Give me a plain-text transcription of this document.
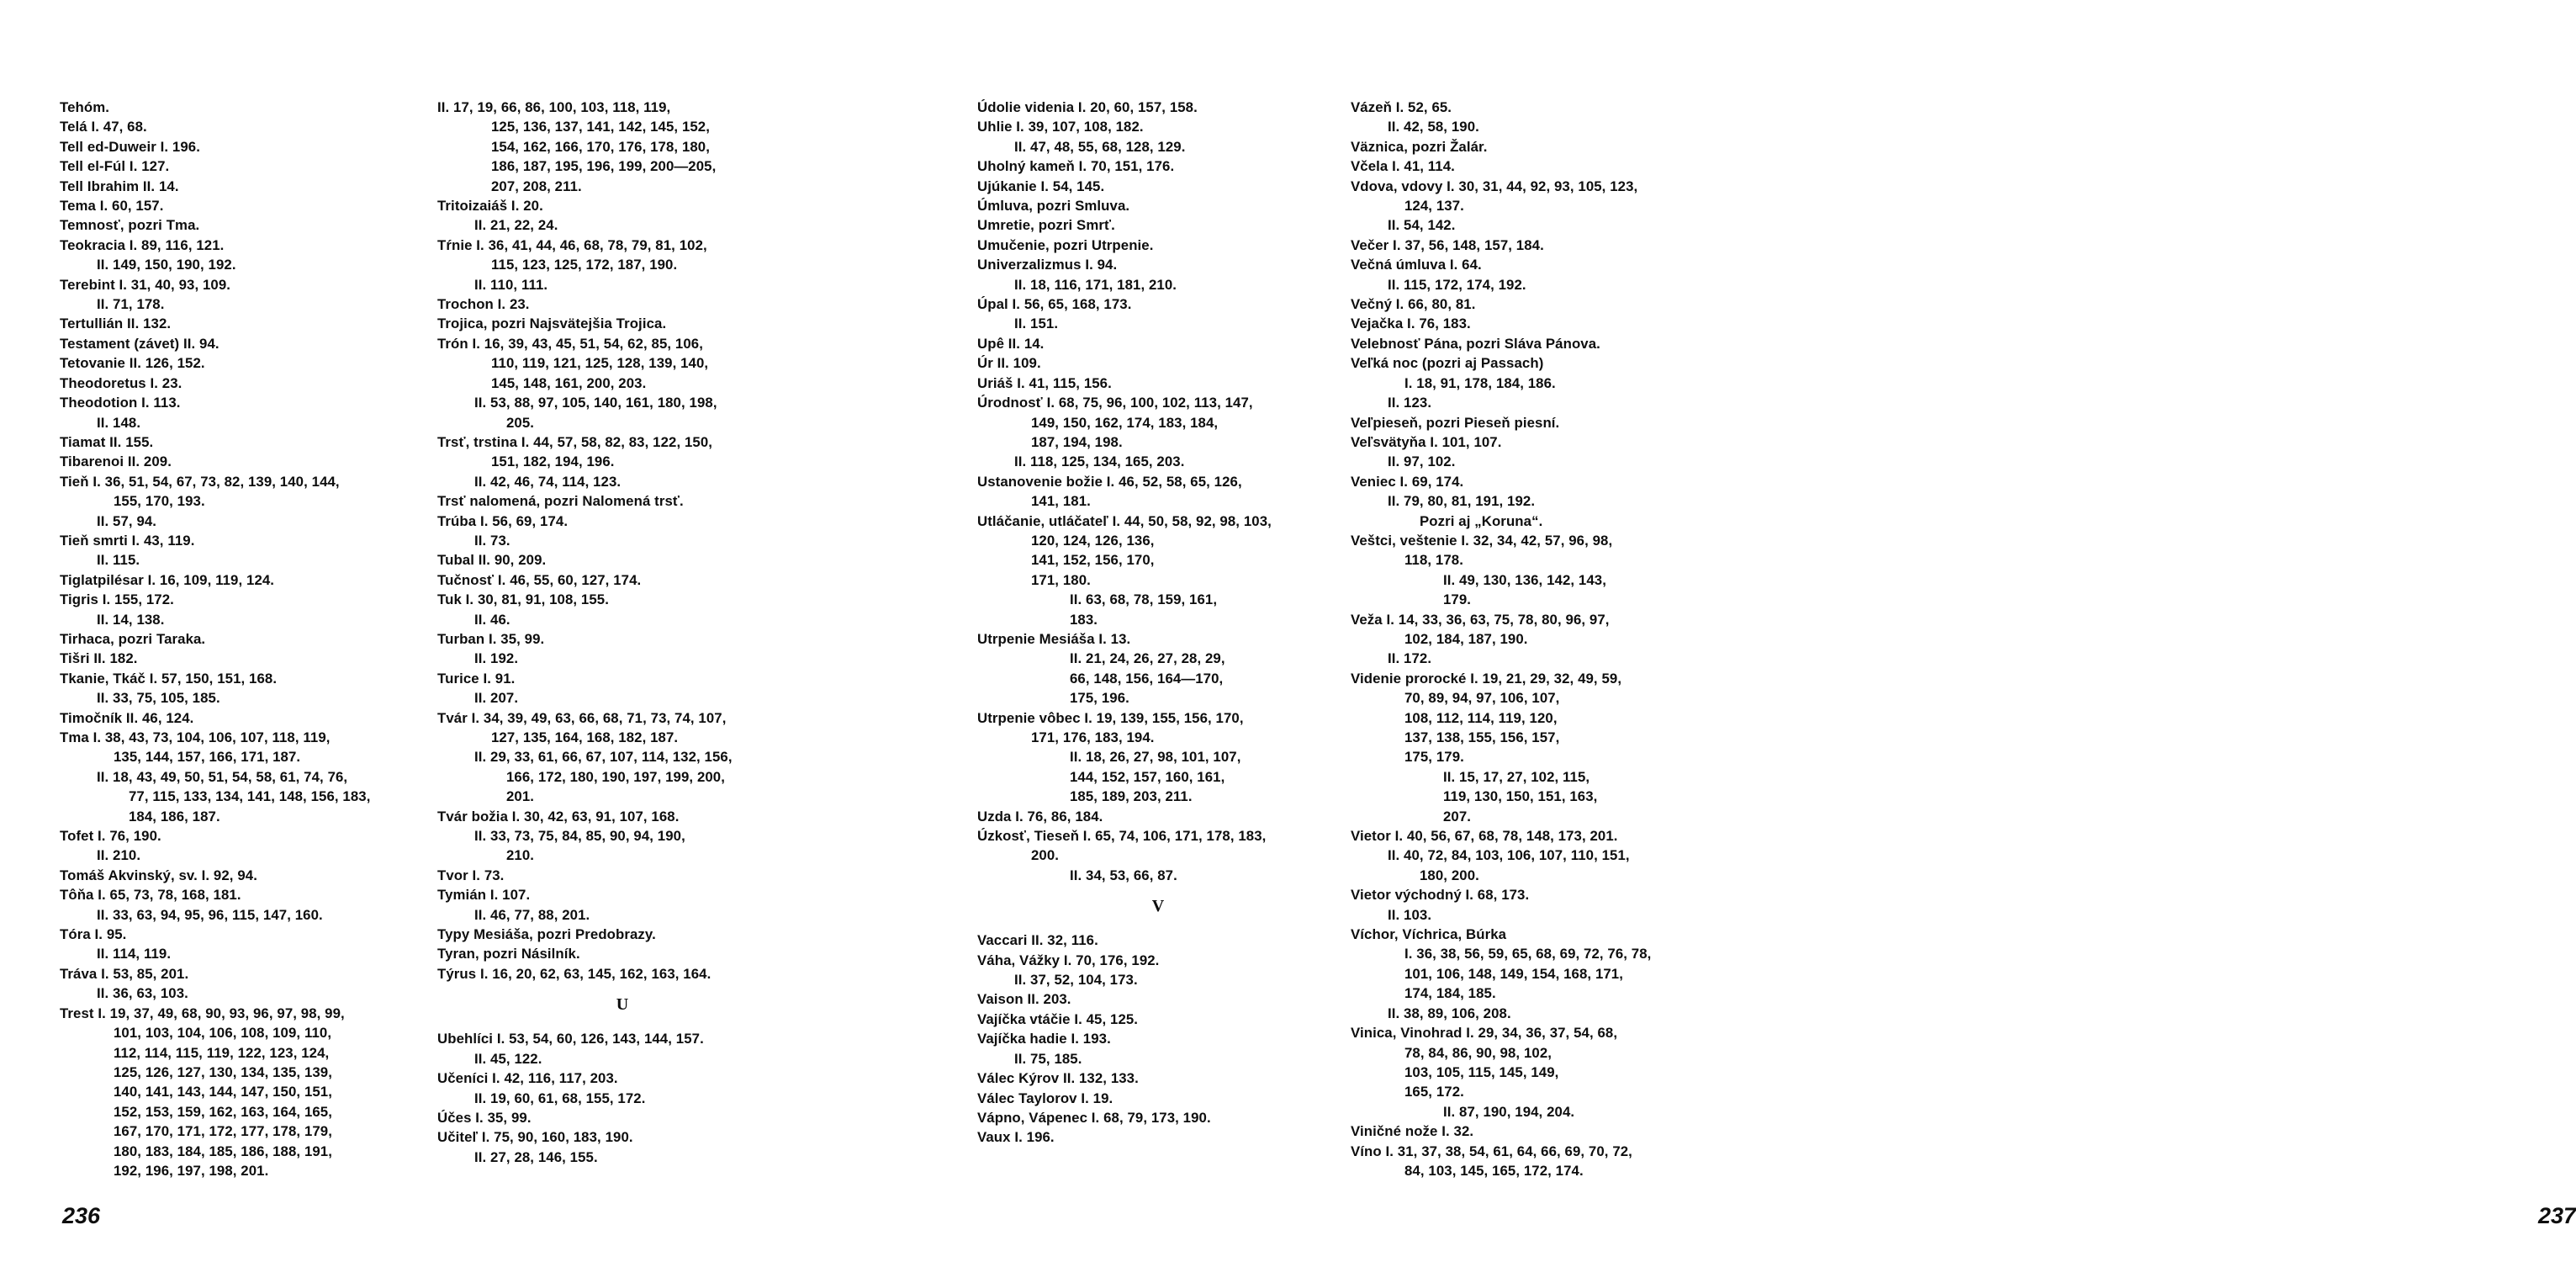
Tehóm.

Telá I. 47, 68.

Tell ed-Duweir I. 196.

Tell el-Fúl I. 127.

Tell Ibrahim II. 14.

Tema I. 60, 157.

Temnosť, pozri Tma.

Teokracia I. 89, 116, 121.
II. 149, 150, 190, 192.

Terebint I. 31, 40, 93, 109.
II. 71, 178.

Tertullián II. 132.

Testament (závet) II. 94.

Tetovanie II. 126, 152.

Theodoretus I. 23.

Theodotion I. 113.
II. 148.

Tiamat II. 155.

Tibarenoi II. 209.

Tieň I. 36, 51, 54, 67, 73, 82, 139, 140, 144,
155, 170, 193.
II. 57, 94.

Tieň smrti I. 43, 119.
II. 115.

Tiglatpilésar I. 16, 109, 119, 124.

Tigris I. 155, 172.
II. 14, 138.

Tirhaca, pozri Taraka.

Tišri II. 182.

Tkanie, Tkáč I. 57, 150, 151, 168.
II. 33, 75, 105, 185.

Timočník II. 46, 124.

Tma I. 38, 43, 73, 104, 106, 107, 118, 119,
135, 144, 157, 166, 171, 187.
II. 18, 43, 49, 50, 51, 54, 58, 61, 74, 76,
77, 115, 133, 134, 141, 148, 156, 183,
184, 186, 187.

Tofet I. 76, 190.
II. 210.

Tomáš Akvinský, sv. I. 92, 94.

Tôňa I. 65, 73, 78, 168, 181.
II. 33, 63, 94, 95, 96, 115, 147, 160.

Tóra I. 95.
II. 114, 119.

Tráva I. 53, 85, 201.
II. 36, 63, 103.

Trest I. 19, 37, 49, 68, 90, 93, 96, 97, 98, 99,
101, 103, 104, 106, 108, 109, 110,
112, 114, 115, 119, 122, 123, 124,
125, 126, 127, 130, 134, 135, 139,
140, 141, 143, 144, 147, 150, 151,
152, 153, 159, 162, 163, 164, 165,
167, 170, 171, 172, 177, 178, 179,
180, 183, 184, 185, 186, 188, 191,
192, 196, 197, 198, 201.

II. 17, 19, 66, 86, 100, 103, 118, 119,
125, 136, 137, 141, 142, 145, 152,
154, 162, 166, 170, 176, 178, 180,
186, 187, 195, 196, 199, 200—205,
207, 208, 211.

Tritoizaiáš I. 20.
II. 21, 22, 24.

Tŕnie I. 36, 41, 44, 46, 68, 78, 79, 81, 102,
115, 123, 125, 172, 187, 190.
II. 110, 111.

Trochon I. 23.

Trojica, pozri Najsvätejšia Trojica.

Trón I. 16, 39, 43, 45, 51, 54, 62, 85, 106,
110, 119, 121, 125, 128, 139, 140,
145, 148, 161, 200, 203.
II. 53, 88, 97, 105, 140, 161, 180, 198,
205.

Trsť, trstina I. 44, 57, 58, 82, 83, 122, 150,
151, 182, 194, 196.
II. 42, 46, 74, 114, 123.

Trsť nalomená, pozri Nalomená trsť.

Trúba I. 56, 69, 174.
II. 73.

Tubal II. 90, 209.

Tučnosť I. 46, 55, 60, 127, 174.

Tuk I. 30, 81, 91, 108, 155.
II. 46.

Turban I. 35, 99.
II. 192.

Turice I. 91.
II. 207.

Tvár I. 34, 39, 49, 63, 66, 68, 71, 73, 74, 107,
127, 135, 164, 168, 182, 187.
II. 29, 33, 61, 66, 67, 107, 114, 132, 156,
166, 172, 180, 190, 197, 199, 200,
201.

Tvár božia I. 30, 42, 63, 91, 107, 168.
II. 33, 73, 75, 84, 85, 90, 94, 190,
210.

Tvor I. 73.

Tymián I. 107.
II. 46, 77, 88, 201.

Typy Mesiáša, pozri Predobrazy.

Tyran, pozri Násilník.

Týrus I. 16, 20, 62, 63, 145, 162, 163, 164.

U

Ubehlíci I. 53, 54, 60, 126, 143, 144, 157.
II. 45, 122.

Učeníci I. 42, 116, 117, 203.
II. 19, 60, 61, 68, 155, 172.

Účes I. 35, 99.

Učiteľ I. 75, 90, 160, 183, 190.
II. 27, 28, 146, 155.

236

Údolie videnia I. 20, 60, 157, 158.

Uhlie I. 39, 107, 108, 182.
II. 47, 48, 55, 68, 128, 129.

Uholný kameň I. 70, 151, 176.

Ujúkanie I. 54, 145.

Úmluva, pozri Smluva.

Umretie, pozri Smrť.

Umučenie, pozri Utrpenie.

Univerzalizmus I. 94.
II. 18, 116, 171, 181, 210.

Úpal I. 56, 65, 168, 173.
II. 151.

Upê II. 14.

Úr II. 109.

Uriáš I. 41, 115, 156.

Úrodnosť I. 68, 75, 96, 100, 102, 113, 147,
149, 150, 162, 174, 183, 184,
187, 194, 198.
II. 118, 125, 134, 165, 203.

Ustanovenie božie I. 46, 52, 58, 65, 126,
141, 181.

Utláčanie, utláčateľ I. 44, 50, 58, 92, 98, 103,
120, 124, 126, 136,
141, 152, 156, 170,
171, 180.
II. 63, 68, 78, 159, 161,
183.

Utrpenie Mesiáša I. 13.
II. 21, 24, 26, 27, 28, 29,
66, 148, 156, 164—170,
175, 196.

Utrpenie vôbec I. 19, 139, 155, 156, 170,
171, 176, 183, 194.
II. 18, 26, 27, 98, 101, 107,
144, 152, 157, 160, 161,
185, 189, 203, 211.

Uzda I. 76, 86, 184.

Úzkosť, Tieseň I. 65, 74, 106, 171, 178, 183,
200.
II. 34, 53, 66, 87.

V

Vaccari II. 32, 116.

Váha, Vážky I. 70, 176, 192.
II. 37, 52, 104, 173.

Vaison II. 203.

Vajíčka vtáčie I. 45, 125.

Vajíčka hadie I. 193.
II. 75, 185.

Válec Kýrov II. 132, 133.

Válec Taylorov I. 19.

Vápno, Vápenec I. 68, 79, 173, 190.

Vaux I. 196.

Vázeň I. 52, 65.
II. 42, 58, 190.

Väznica, pozri Žalár.

Včela I. 41, 114.

Vdova, vdovy I. 30, 31, 44, 92, 93, 105, 123,
124, 137.
II. 54, 142.

Večer I. 37, 56, 148, 157, 184.

Večná úmluva I. 64.
II. 115, 172, 174, 192.

Večný I. 66, 80, 81.

Vejačka I. 76, 183.

Velebnosť Pána, pozri Sláva Pánova.

Veľká noc (pozri aj Passach)
I. 18, 91, 178, 184, 186.
II. 123.

Veľpieseň, pozri Pieseň piesní.

Veľsvätyňa I. 101, 107.
II. 97, 102.

Veniec I. 69, 174.
II. 79, 80, 81, 191, 192.
Pozri aj „Koruna“.

Veštci, veštenie I. 32, 34, 42, 57, 96, 98,
118, 178.
II. 49, 130, 136, 142, 143,
179.

Veža I. 14, 33, 36, 63, 75, 78, 80, 96, 97,
102, 184, 187, 190.
II. 172.

Videnie prorocké I. 19, 21, 29, 32, 49, 59,
70, 89, 94, 97, 106, 107,
108, 112, 114, 119, 120,
137, 138, 155, 156, 157,
175, 179.
II. 15, 17, 27, 102, 115,
119, 130, 150, 151, 163,
207.

Vietor I. 40, 56, 67, 68, 78, 148, 173, 201.
II. 40, 72, 84, 103, 106, 107, 110, 151,
180, 200.

Vietor východný I. 68, 173.
II. 103.

Víchor, Víchrica, Búrka
I. 36, 38, 56, 59, 65, 68, 69, 72, 76, 78,
101, 106, 148, 149, 154, 168, 171,
174, 184, 185.
II. 38, 89, 106, 208.

Vinica, Vinohrad I. 29, 34, 36, 37, 54, 68,
78, 84, 86, 90, 98, 102,
103, 105, 115, 145, 149,
165, 172.
II. 87, 190, 194, 204.

Viničné nože I. 32.

Víno I. 31, 37, 38, 54, 61, 64, 66, 69, 70, 72,
84, 103, 145, 165, 172, 174.

237
